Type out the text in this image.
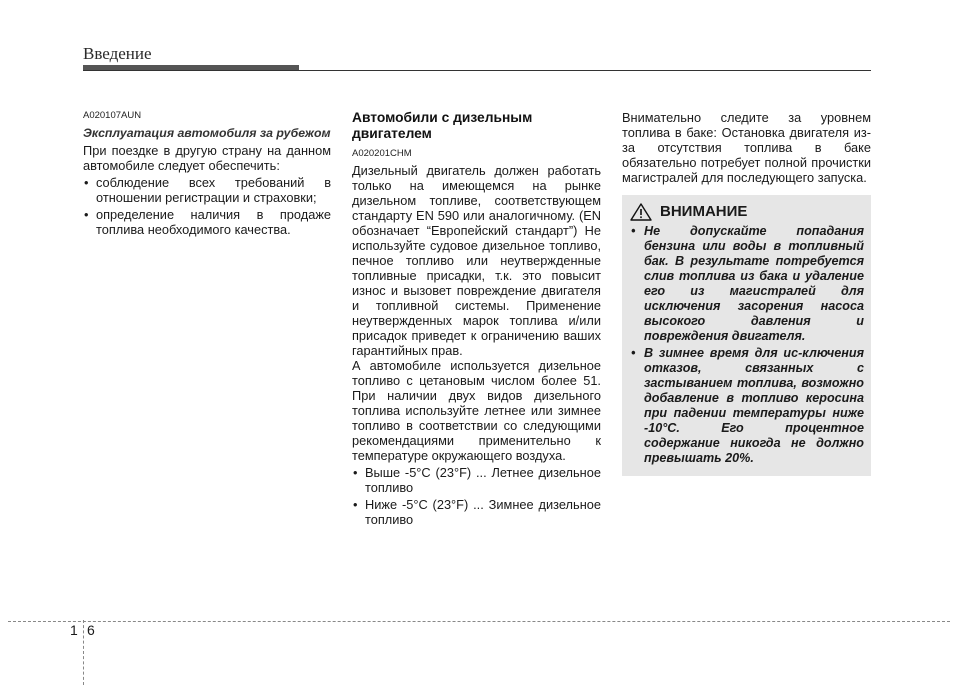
Введение
A020107AUN
Эксплуатация автомобиля за рубежом

При поездке в другую страну на данном автомобиле следует обеспечить:

• соблюдение всех требований в отношении регистрации и страховки;
• определение наличия в продаже топлива необходимого качества.
Автомобили с дизельным двигателем
A020201CHM

Дизельный двигатель должен работать только на имеющемся на рынке дизельном топливе, соответствующем стандарту EN 590 или аналогичному. (EN обозначает “Европейский стандарт”) Не используйте судовое дизельное топливо, печное топливо или неутвержденные топливные присадки, т.к. это повысит износ и вызовет повреждение двигателя и топливной системы. Применение неутвержденных марок топлива и/или присадок приведет к ограничению ваших гарантийных прав.

А автомобиле используется дизельное топливо с цетановым числом более 51. При наличии двух видов дизельного топлива используйте летнее или зимнее топливо в соответствии со следующими рекомендациями применительно к температуре окружающего воздуха.

• Выше -5°C (23°F) ... Летнее дизельное топливо
• Ниже -5°C (23°F) ... Зимнее дизельное топливо

Внимательно следите за уровнем топлива в баке: Остановка двигателя из-за отсутствия топлива в баке обязательно потребует полной прочистки магистралей для последующего запуска.

ВНИМАНИЕ
• Не допускайте попадания бензина или воды в топливный бак. В результате потребуется слив топлива из бака и удаление его из магистралей для исключения засорения насоса высокого давления и повреждения двигателя.
• В зимнее время для ис-ключения отказов, связанных с застыванием топлива, возможно добавление в топливо керосина при падении температуры ниже -10°C. Его процентное содержание никогда не должно превышать 20%.
1 6
